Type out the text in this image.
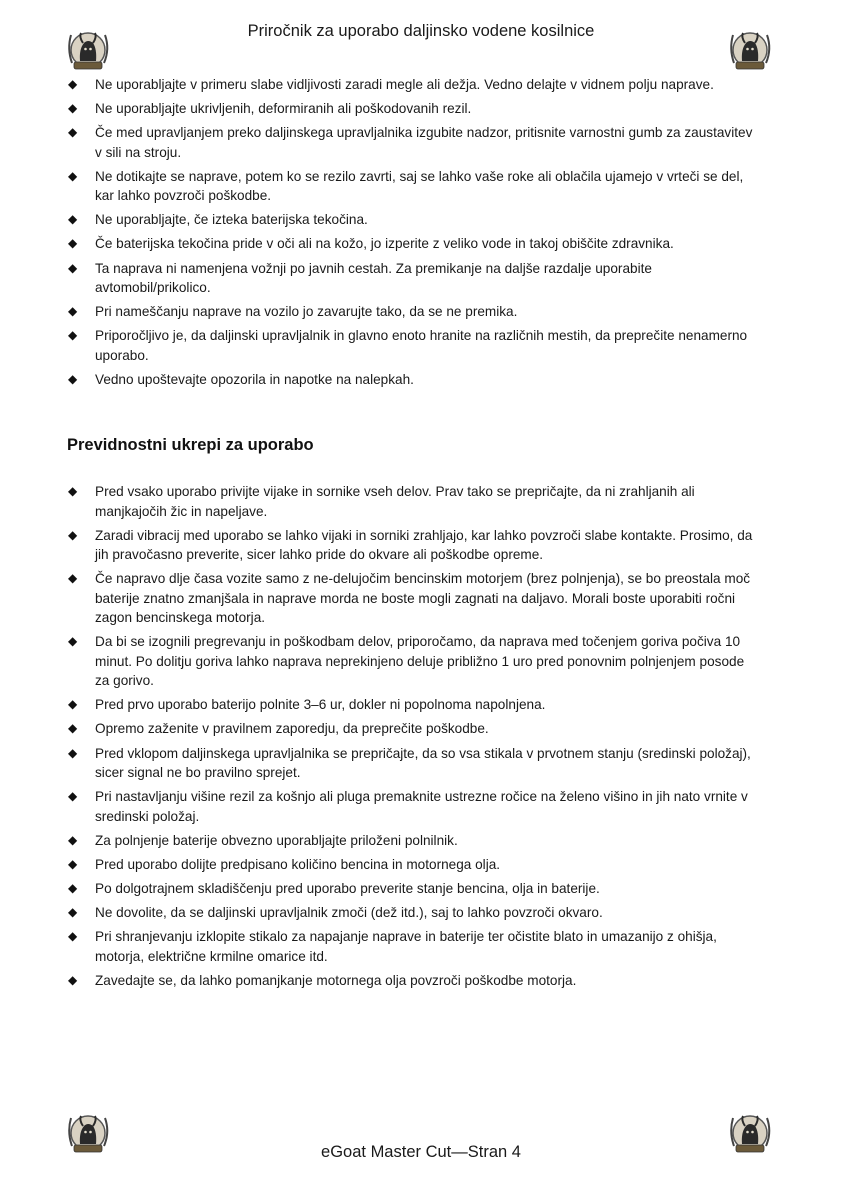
Priročnik za uporabo daljinsko vodene kosilnice
◆ Ne uporabljajte v primeru slabe vidljivosti zaradi megle ali dežja. Vedno delajte v vidnem polju naprave.
◆ Ne uporabljajte ukrivljenih, deformiranih ali poškodovanih rezil.
◆ Če med upravljanjem preko daljinskega upravljalnika izgubite nadzor, pritisnite varnostni gumb za zaustavitev v sili na stroju.
◆ Ne dotikajte se naprave, potem ko se rezilo zavrti, saj se lahko vaše roke ali oblačila ujamejo v vrteči se del, kar lahko povzroči poškodbe.
◆ Ne uporabljajte, če izteka baterijska tekočina.
◆ Če baterijska tekočina pride v oči ali na kožo, jo izperite z veliko vode in takoj obiščite zdravnika.
◆ Ta naprava ni namenjena vožnji po javnih cestah. Za premikanje na daljše razdalje uporabite avtomobil/prikolico.
◆ Pri nameščanju naprave na vozilo jo zavarujte tako, da se ne premika.
◆ Priporočljivo je, da daljinski upravljalnik in glavno enoto hranite na različnih mestih, da preprečite nenamerno uporabo.
◆ Vedno upoštevajte opozorila in napotke na nalepkah.
Previdnostni ukrepi za uporabo
◆ Pred vsako uporabo privijte vijake in sornike vseh delov. Prav tako se prepričajte, da ni zrahljanih ali manjkajočih žic in napeljave.
◆ Zaradi vibracij med uporabo se lahko vijaki in sorniki zrahljajo, kar lahko povzroči slabe kontakte. Prosimo, da jih pravočasno preverite, sicer lahko pride do okvare ali poškodbe opreme.
◆ Če napravo dlje časa vozite samo z ne-delujočim bencinskim motorjem (brez polnjenja), se bo preostala moč baterije znatno zmanjšala in naprave morda ne boste mogli zagnati na daljavo. Morali boste uporabiti ročni zagon bencinskega motorja.
◆ Da bi se izognili pregrevanju in poškodbam delov, priporočamo, da naprava med točenjem goriva počiva 10 minut. Po dolitju goriva lahko naprava neprekinjeno deluje približno 1 uro pred ponovnim polnjenjem posode za gorivo.
◆ Pred prvo uporabo baterijo polnite 3–6 ur, dokler ni popolnoma napolnjena.
◆ Opremo zaženite v pravilnem zaporedju, da preprečite poškodbe.
◆ Pred vklopom daljinskega upravljalnika se prepričajte, da so vsa stikala v prvotnem stanju (sredinski položaj), sicer signal ne bo pravilno sprejet.
◆ Pri nastavljanju višine rezil za košnjo ali pluga premaknite ustrezne ročice na želeno višino in jih nato vrnite v sredinski položaj.
◆ Za polnjenje baterije obvezno uporabljajte priloženi polnilnik.
◆ Pred uporabo dolijte predpisano količino bencina in motornega olja.
◆ Po dolgotrajnem skladiščenju pred uporabo preverite stanje bencina, olja in baterije.
◆ Ne dovolite, da se daljinski upravljalnik zmoči (dež itd.), saj to lahko povzroči okvaro.
◆ Pri shranjevanju izklopite stikalo za napajanje naprave in baterije ter očistite blato in umazanijo z ohišja, motorja, električne krmilne omarice itd.
◆ Zavedajte se, da lahko pomanjkanje motornega olja povzroči poškodbe motorja.
eGoat Master Cut—Stran 4
